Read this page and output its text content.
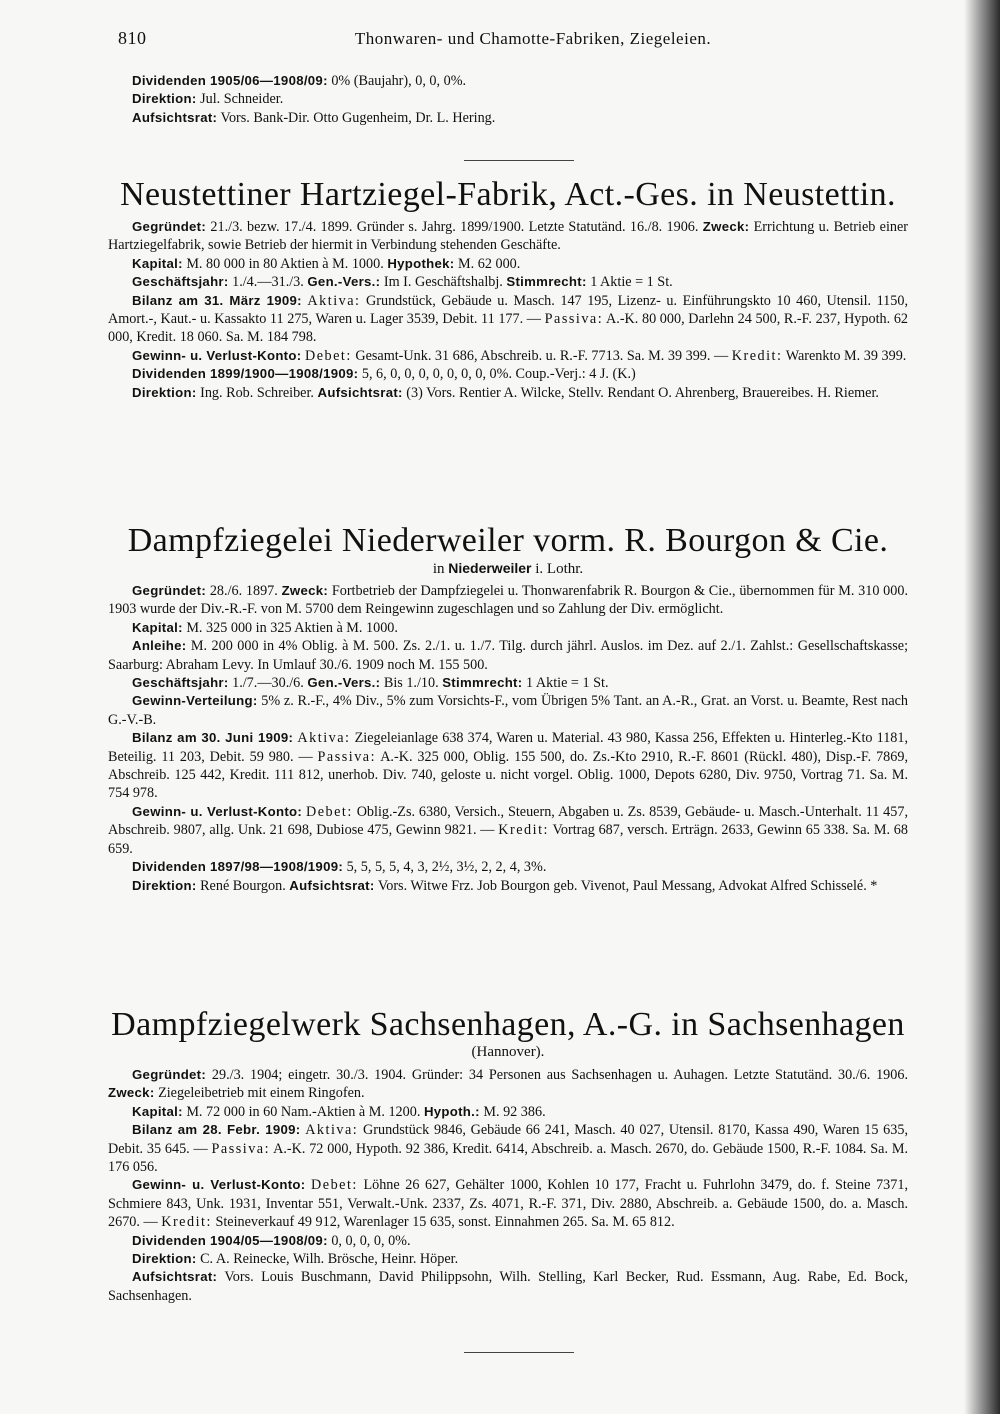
810	Thonwaren- und Chamotte-Fabriken, Ziegeleien.

Dividenden 1905/06—1908/09: 0% (Baujahr), 0, 0, 0%.

Direktion: Jul. Schneider.

Aufsichtsrat: Vors. Bank-Dir. Otto Gugenheim, Dr. L. Hering.

Neustettiner Hartziegel-Fabrik, Act.-Ges. in Neustettin.

Gegründet: 21./3. bezw. 17./4. 1899. Gründer s. Jahrg. 1899/1900. Letzte Statutänd. 16./8. 1906. Zweck: Errichtung u. Betrieb einer Hartziegelfabrik, sowie Betrieb der hiermit in Verbindung stehenden Geschäfte.

Kapital: M. 80 000 in 80 Aktien à M. 1000. Hypothek: M. 62 000.

Geschäftsjahr: 1./4.—31./3. Gen.-Vers.: Im I. Geschäftshalbj. Stimmrecht: 1 Aktie = 1 St.

Bilanz am 31. März 1909: Aktiva: Grundstück, Gebäude u. Masch. 147 195, Lizenz- u. Einführungskto 10 460, Utensil. 1150, Amort.-, Kaut.- u. Kassakto 11 275, Waren u. Lager 3539, Debit. 11 177. — Passiva: A.-K. 80 000, Darlehn 24 500, R.-F. 237, Hypoth. 62 000, Kredit. 18 060. Sa. M. 184 798.

Gewinn- u. Verlust-Konto: Debet: Gesamt-Unk. 31 686, Abschreib. u. R.-F. 7713. Sa. M. 39 399. — Kredit: Warenkto M. 39 399.

Dividenden 1899/1900—1908/1909: 5, 6, 0, 0, 0, 0, 0, 0, 0, 0%. Coup.-Verj.: 4 J. (K.)

Direktion: Ing. Rob. Schreiber. Aufsichtsrat: (3) Vors. Rentier A. Wilcke, Stellv. Rendant O. Ahrenberg, Brauereibes. H. Riemer.

Dampfziegelei Niederweiler vorm. R. Bourgon & Cie.
in Niederweiler i. Lothr.

Gegründet: 28./6. 1897. Zweck: Fortbetrieb der Dampfziegelei u. Thonwarenfabrik R. Bourgon & Cie., übernommen für M. 310 000. 1903 wurde der Div.-R.-F. von M. 5700 dem Reingewinn zugeschlagen und so Zahlung der Div. ermöglicht.

Kapital: M. 325 000 in 325 Aktien à M. 1000.

Anleihe: M. 200 000 in 4% Oblig. à M. 500. Zs. 2./1. u. 1./7. Tilg. durch jährl. Auslos. im Dez. auf 2./1. Zahlst.: Gesellschaftskasse; Saarburg: Abraham Levy. In Umlauf 30./6. 1909 noch M. 155 500.

Geschäftsjahr: 1./7.—30./6. Gen.-Vers.: Bis 1./10. Stimmrecht: 1 Aktie = 1 St.

Gewinn-Verteilung: 5% z. R.-F., 4% Div., 5% zum Vorsichts-F., vom Übrigen 5% Tant. an A.-R., Grat. an Vorst. u. Beamte, Rest nach G.-V.-B.

Bilanz am 30. Juni 1909: Aktiva: Ziegeleianlage 638 374, Waren u. Material. 43 980, Kassa 256, Effekten u. Hinterleg.-Kto 1181, Beteilig. 11 203, Debit. 59 980. — Passiva: A.-K. 325 000, Oblig. 155 500, do. Zs.-Kto 2910, R.-F. 8601 (Rückl. 480), Disp.-F. 7869, Abschreib. 125 442, Kredit. 111 812, unerhob. Div. 740, geloste u. nicht vorgel. Oblig. 1000, Depots 6280, Div. 9750, Vortrag 71. Sa. M. 754 978.

Gewinn- u. Verlust-Konto: Debet: Oblig.-Zs. 6380, Versich., Steuern, Abgaben u. Zs. 8539, Gebäude- u. Masch.-Unterhalt. 11 457, Abschreib. 9807, allg. Unk. 21 698, Dubiose 475, Gewinn 9821. — Kredit: Vortrag 687, versch. Erträgn. 2633, Gewinn 65 338. Sa. M. 68 659.

Dividenden 1897/98—1908/1909: 5, 5, 5, 5, 4, 3, 2½, 3½, 2, 2, 4, 3%.

Direktion: René Bourgon. Aufsichtsrat: Vors. Witwe Frz. Job Bourgon geb. Vivenot, Paul Messang, Advokat Alfred Schisselé. *

Dampfziegelwerk Sachsenhagen, A.-G. in Sachsenhagen
(Hannover).

Gegründet: 29./3. 1904; eingetr. 30./3. 1904. Gründer: 34 Personen aus Sachsenhagen u. Auhagen. Letzte Statutänd. 30./6. 1906. Zweck: Ziegeleibetrieb mit einem Ringofen.

Kapital: M. 72 000 in 60 Nam.-Aktien à M. 1200. Hypoth.: M. 92 386.

Bilanz am 28. Febr. 1909: Aktiva: Grundstück 9846, Gebäude 66 241, Masch. 40 027, Utensil. 8170, Kassa 490, Waren 15 635, Debit. 35 645. — Passiva: A.-K. 72 000, Hypoth. 92 386, Kredit. 6414, Abschreib. a. Masch. 2670, do. Gebäude 1500, R.-F. 1084. Sa. M. 176 056.

Gewinn- u. Verlust-Konto: Debet: Löhne 26 627, Gehälter 1000, Kohlen 10 177, Fracht u. Fuhrlohn 3479, do. f. Steine 7371, Schmiere 843, Unk. 1931, Inventar 551, Verwalt.-Unk. 2337, Zs. 4071, R.-F. 371, Div. 2880, Abschreib. a. Gebäude 1500, do. a. Masch. 2670. — Kredit: Steineverkauf 49 912, Warenlager 15 635, sonst. Einnahmen 265. Sa. M. 65 812.

Dividenden 1904/05—1908/09: 0, 0, 0, 0, 0%.

Direktion: C. A. Reinecke, Wilh. Brösche, Heinr. Höper.

Aufsichtsrat: Vors. Louis Buschmann, David Philippsohn, Wilh. Stelling, Karl Becker, Rud. Essmann, Aug. Rabe, Ed. Bock, Sachsenhagen.
